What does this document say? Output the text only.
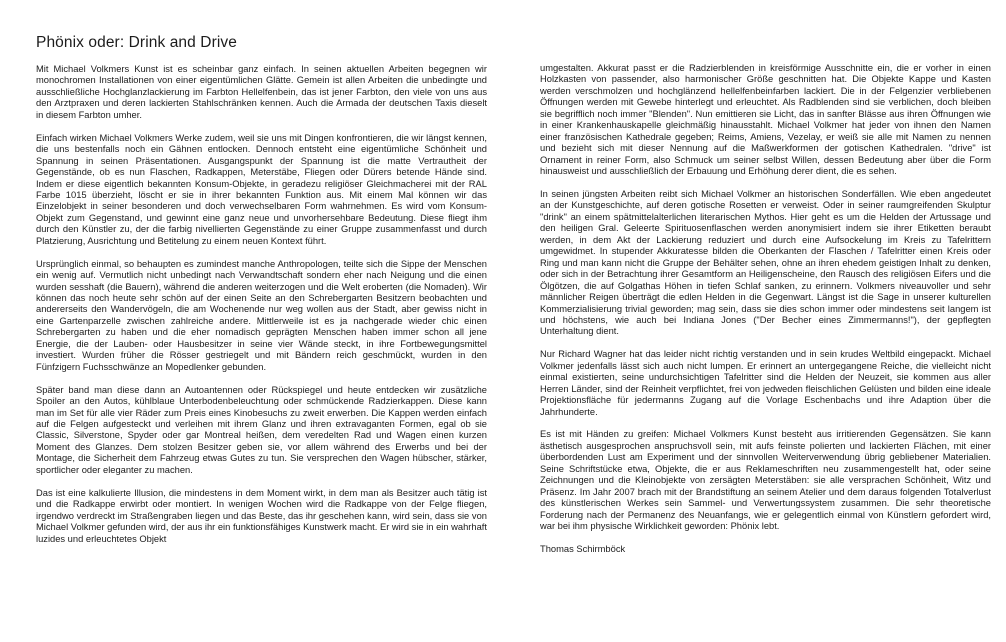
Phönix oder: Drink and Drive

Mit Michael Volkmers Kunst ist es scheinbar ganz einfach. In seinen aktuellen Arbeiten begegnen wir monochromen Installationen von einer eigentümlichen Glätte. Gemein ist allen Arbeiten die unbedingte und ausschließliche Hochglanzlackierung im Farbton Hellelfenbein, das ist jener Farbton, den viele von uns aus den Arztpraxen und deren lackierten Stahlschränken kennen. Auch die Armada der deutschen Taxis dieselt in diesem Farbton umher.

Einfach wirken Michael Volkmers Werke zudem, weil sie uns mit Dingen konfrontieren, die wir längst kennen, die uns bestenfalls noch ein Gähnen entlocken. Dennoch entsteht eine eigentümliche Schönheit und Spannung in seinen Präsentationen. Ausgangspunkt der Spannung ist die matte Vertrautheit der Gegenstände, ob es nun Flaschen, Radkappen, Meterstäbe, Fliegen oder Dürers betende Hände sind. Indem er diese eigentlich bekannten Konsum-Objekte, in geradezu religiöser Gleichmacherei mit der RAL Farbe 1015 überzieht, löscht er sie in ihrer bekannten Funktion aus. Mit einem Mal können wir das Einzelobjekt in seiner besonderen und doch verwechselbaren Form wahrnehmen. Es wird vom Konsum-Objekt zum Gegenstand, und gewinnt eine ganz neue und unvorhersehbare Bedeutung. Diese fliegt ihm durch den Künstler zu, der die farbig nivellierten Gegenstände zu einer Gruppe zusammenfasst und durch Platzierung, Ausrichtung und Betitelung zu einem neuen Kontext führt.

Ursprünglich einmal, so behaupten es zumindest manche Anthropologen, teilte sich die Sippe der Menschen ein wenig auf. Vermutlich nicht unbedingt nach Verwandtschaft sondern eher nach Neigung und die einen wurden sesshaft (die Bauern), während die anderen weiterzogen und die Welt eroberten (die Nomaden). Wir können das noch heute sehr schön auf der einen Seite an den Schrebergarten Besitzern beobachten und andererseits den Wandervögeln, die am Wochenende nur weg wollen aus der Stadt, aber gewiss nicht in eine Gartenparzelle zwischen zahlreiche andere. Mittlerweile ist es ja nachgerade wieder chic einen Schrebergarten zu haben und die eher nomadisch geprägten Menschen haben immer schon all jene Energie, die der Lauben- oder Hausbesitzer in seine vier Wände steckt, in ihre Fortbewegungsmittel investiert. Wurden früher die Rösser gestriegelt und mit Bändern reich geschmückt, wurden in den Fünfzigern Fuchsschwänze an Mopedlenker gebunden.

Später band man diese dann an Autoantennen oder Rückspiegel und heute entdecken wir zusätzliche Spoiler an den Autos, kühlblaue Unterbodenbeleuchtung oder schmückende Radzierkappen. Diese kann man im Set für alle vier Räder zum Preis eines Kinobesuchs zu zweit erwerben. Die Kappen werden einfach auf die Felgen aufgesteckt und verleihen mit ihrem Glanz und ihren extravaganten Formen, egal ob sie Classic, Silverstone, Spyder oder gar Montreal heißen, dem veredelten Rad und Wagen einen kurzen Moment des Glanzes. Dem stolzen Besitzer geben sie, vor allem während des Erwerbs und bei der Montage, die Sicherheit dem Fahrzeug etwas Gutes zu tun. Sie versprechen den Wagen hübscher, stärker, sportlicher oder eleganter zu machen.

Das ist eine kalkulierte Illusion, die mindestens in dem Moment wirkt, in dem man als Besitzer auch tätig ist und die Radkappe erwirbt oder montiert. In wenigen Wochen wird die Radkappe von der Felge fliegen, irgendwo verdreckt im Straßengraben liegen und das Beste, das ihr geschehen kann, wird sein, dass sie von Michael Volkmer gefunden wird, der aus ihr ein funktionsfähiges Kunstwerk macht. Er wird sie in ein wahrhaft luzides und erleuchtetes Objekt

umgestalten. Akkurat passt er die Radzierblenden in kreisförmige Ausschnitte ein, die er vorher in einen Holzkasten von passender, also harmonischer Größe geschnitten hat. Die Objekte Kappe und Kasten werden verschmolzen und hochglänzend hellelfenbeinfarben lackiert. Die in der Felgenzier verbliebenen Öffnungen werden mit Gewebe hinterlegt und erleuchtet. Als Radblenden sind sie verblichen, doch bleiben sie begrifflich noch immer "Blenden". Nun emittieren sie Licht, das in sanfter Blässe aus ihren Öffnungen wie in einer Krankenhauskapelle gleichmäßig hinausstahlt. Michael Volkmer hat jeder von ihnen den Namen einer französischen Kathedrale gegeben; Reims, Amiens, Vezelay, er weiß sie alle mit Namen zu nennen und bezieht sich mit dieser Nennung auf die Maßwerkformen der gotischen Kathedralen. "drive" ist Ornament in reiner Form, also Schmuck um seiner selbst Willen, dessen Bedeutung aber über die Form hinausweist und ausschließlich der Erbauung und Erhöhung derer dient, die es sehen.

In seinen jüngsten Arbeiten reibt sich Michael Volkmer an historischen Sonderfällen. Wie eben angedeutet an der Kunstgeschichte, auf deren gotische Rosetten er verweist. Oder in seiner raumgreifenden Skulptur "drink" an einem spätmittelalterlichen literarischen Mythos. Hier geht es um die Helden der Artussage und den heiligen Gral. Geleerte Spirituosenflaschen werden anonymisiert indem sie ihrer Etiketten beraubt werden, in dem Akt der Lackierung reduziert und durch eine Aufsockelung im Kreis zu Tafelrittern umgewidmet. In stupender Akkuratesse bilden die Oberkanten der Flaschen / Tafelritter einen Kreis oder Ring und man kann nicht die Gruppe der Behälter sehen, ohne an ihren ehedem geistigen Inhalt zu denken, oder sich in der Betrachtung ihrer Gesamtform an Heiligenscheine, den Rausch des religiösen Eifers und die Ölgötzen, die auf Golgathas Höhen in tiefen Schlaf sanken, zu erinnern. Volkmers niveauvoller und sehr männlicher Reigen überträgt die edlen Helden in die Gegenwart. Längst ist die Sage in unserer kulturellen Kommerzialisierung trivial geworden; mag sein, dass sie dies schon immer oder mindestens seit langem ist und höchstens, wie auch bei Indiana Jones ("Der Becher eines Zimmermanns!"), der gepflegten Unterhaltung dient.

Nur Richard Wagner hat das leider nicht richtig verstanden und in sein krudes Weltbild eingepackt. Michael Volkmer jedenfalls lässt sich auch nicht lumpen. Er erinnert an untergegangene Reiche, die vielleicht nicht einmal existierten, seine undurchsichtigen Tafelritter sind die Helden der Neuzeit, sie kommen aus aller Herren Länder, sind der Reinheit verpflichtet, frei von jedweden fleischlichen Gelüsten und bilden eine ideale Projektionsfläche für jedermanns Zugang auf die Vorlage Eschenbachs und ihre Adaption über die Jahrhunderte.

Es ist mit Händen zu greifen: Michael Volkmers Kunst besteht aus irritierenden Gegensätzen. Sie kann ästhetisch ausgesprochen anspruchsvoll sein, mit aufs feinste polierten und lackierten Flächen, mit einer überbordenden Lust am Experiment und der sinnvollen Weiterverwendung übrig gebliebener Materialien. Seine Schriftstücke etwa, Objekte, die er aus Reklameschriften neu zusammengestellt hat, oder seine Zeichnungen und die Kleinobjekte von zersägten Meterstäben: sie alle versprachen Schönheit, Witz und Präsenz. Im Jahr 2007 brach mit der Brandstiftung an seinem Atelier und dem daraus folgenden Totalverlust des künstlerischen Werkes sein Sammel- und Verwertungssystem zusammen. Die sehr theoretische Forderung nach der Permanenz des Neuanfangs, wie er gelegentlich einmal von Künstlern gefordert wird, war bei ihm physische Wirklichkeit geworden: Phönix lebt.

Thomas Schirmböck
